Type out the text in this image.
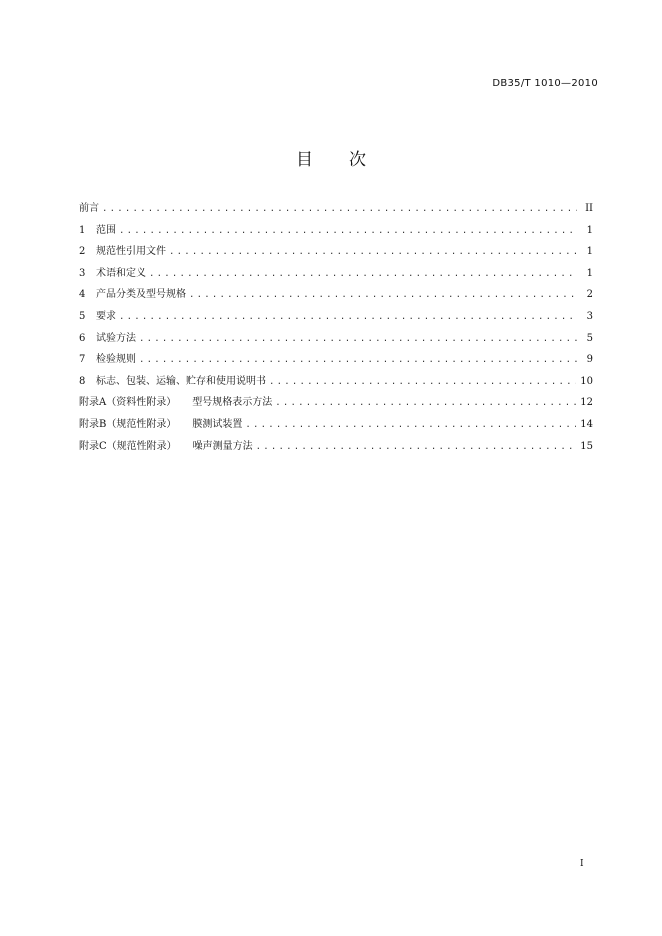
DB35/T 1010—2010
目 次
前言 .....	II
1	范围 .....	1
2	规范性引用文件 .....	1
3	术语和定义 .....	1
4	产品分类及型号规格 .....	2
5	要求 .....	3
6	试验方法 .....	5
7	检验规则 .....	9
8	标志、包装、运输、贮存和使用说明书 .....	10
附录A（资料性附录） 型号规格表示方法 .....	12
附录B（规范性附录） 膜测试装置 .....	14
附录C（规范性附录） 噪声测量方法 .....	15
I
